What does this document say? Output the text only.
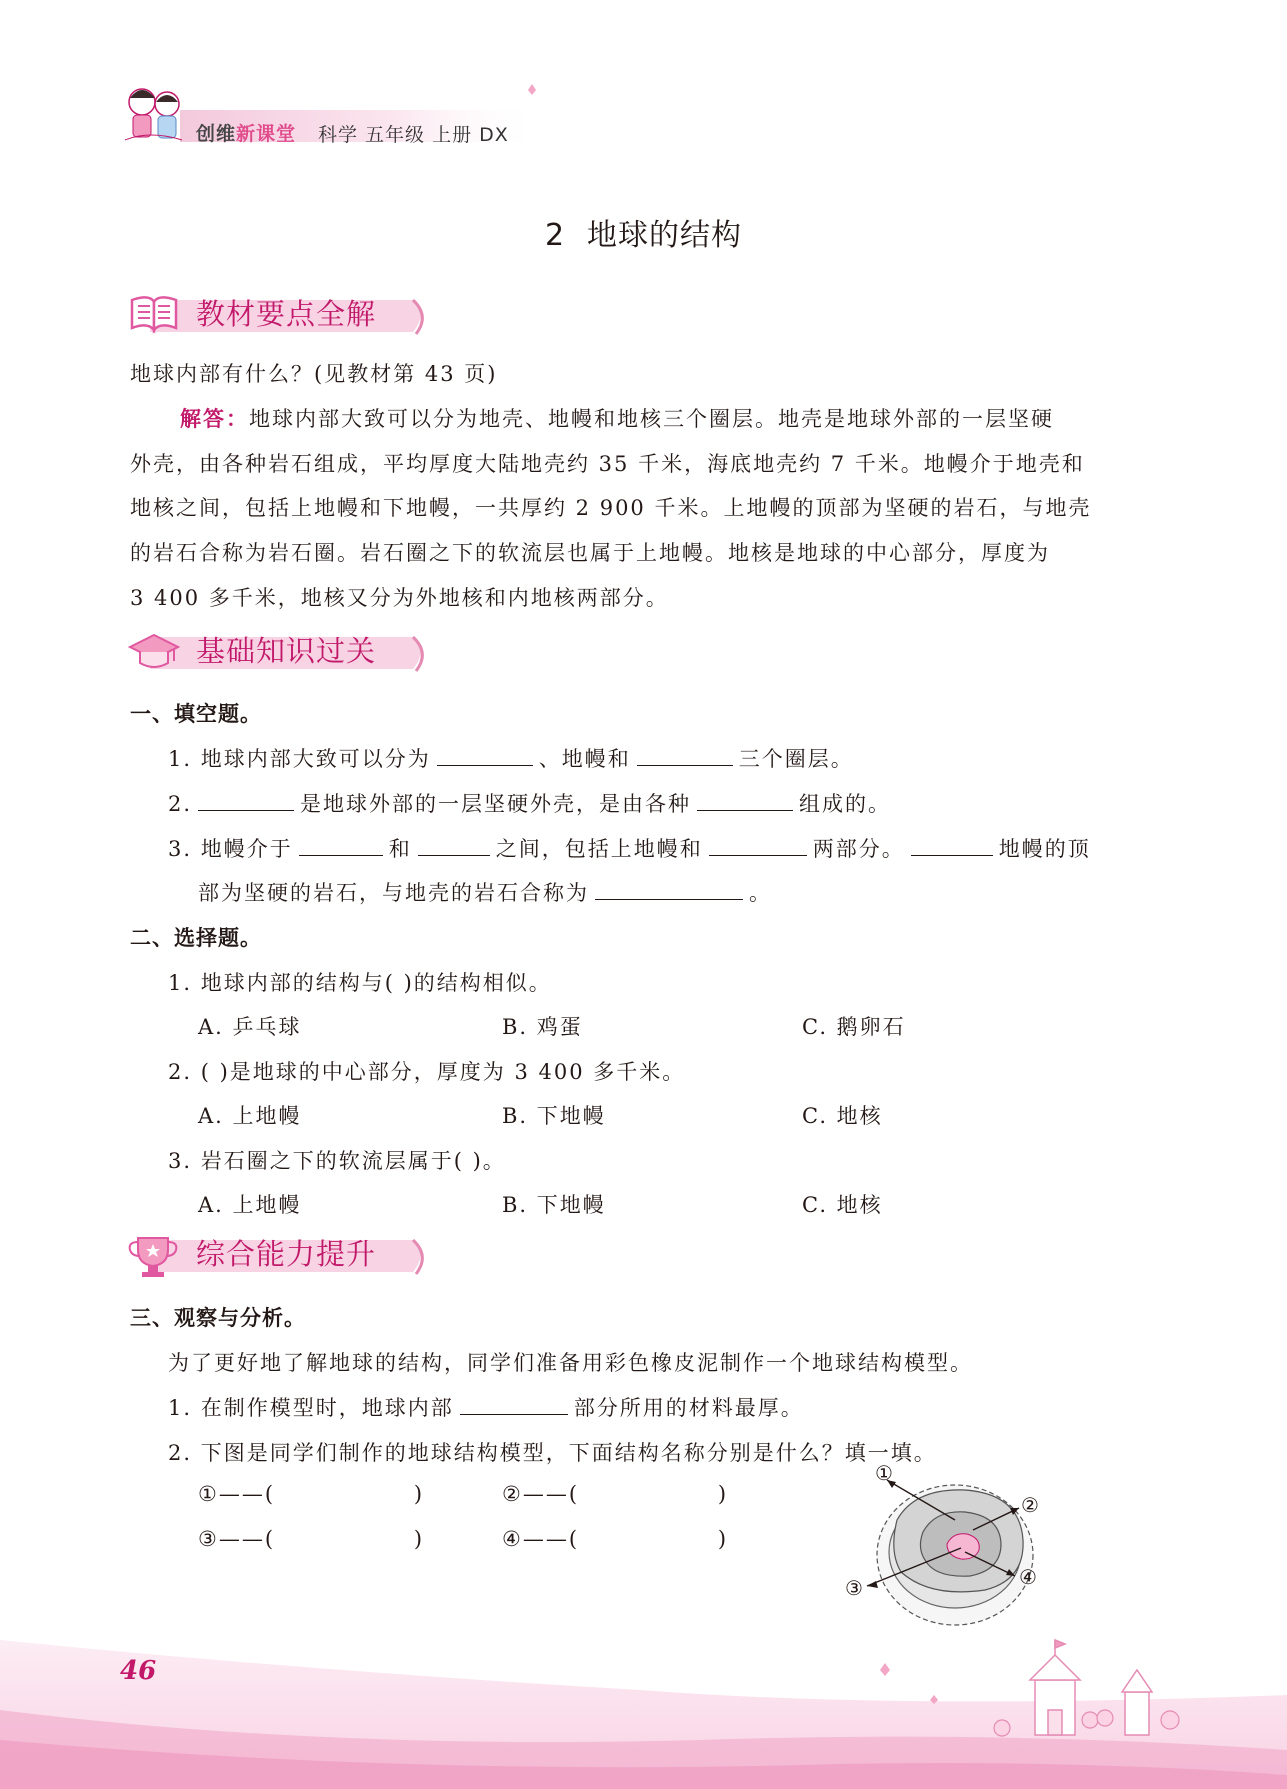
创维新课堂 科学 五年级 上册 DX
2 地球的结构
教材要点全解
地球内部有什么？(见教材第 43 页)
解答：地球内部大致可以分为地壳、地幔和地核三个圈层。地壳是地球外部的一层坚硬
外壳，由各种岩石组成，平均厚度大陆地壳约 35 千米，海底地壳约 7 千米。地幔介于地壳和
地核之间，包括上地幔和下地幔，一共厚约 2 900 千米。上地幔的顶部为坚硬的岩石，与地壳
的岩石合称为岩石圈。岩石圈之下的软流层也属于上地幔。地核是地球的中心部分，厚度为
3 400 多千米，地核又分为外地核和内地核两部分。
基础知识过关
一、填空题。
1. 地球内部大致可以分为	、地幔和	三个圈层。
2.	是地球外部的一层坚硬外壳，是由各种	组成的。
3. 地幔介于	和	之间，包括上地幔和	两部分。	地幔的顶
部为坚硬的岩石，与地壳的岩石合称为	。
二、选择题。
1. 地球内部的结构与( )的结构相似。
A. 乒乓球	B. 鸡蛋	C. 鹅卵石
2. ( )是地球的中心部分，厚度为 3 400 多千米。
A. 上地幔	B. 下地幔	C. 地核
3. 岩石圈之下的软流层属于( )。
A. 上地幔	B. 下地幔	C. 地核
综合能力提升
三、观察与分析。
为了更好地了解地球的结构，同学们准备用彩色橡皮泥制作一个地球结构模型。
1. 在制作模型时，地球内部	部分所用的材料最厚。
2. 下图是同学们制作的地球结构模型，下面结构名称分别是什么？填一填。
①——(                )	②——(                )
③——(                )	④——(                )
①
②
③	④
46
